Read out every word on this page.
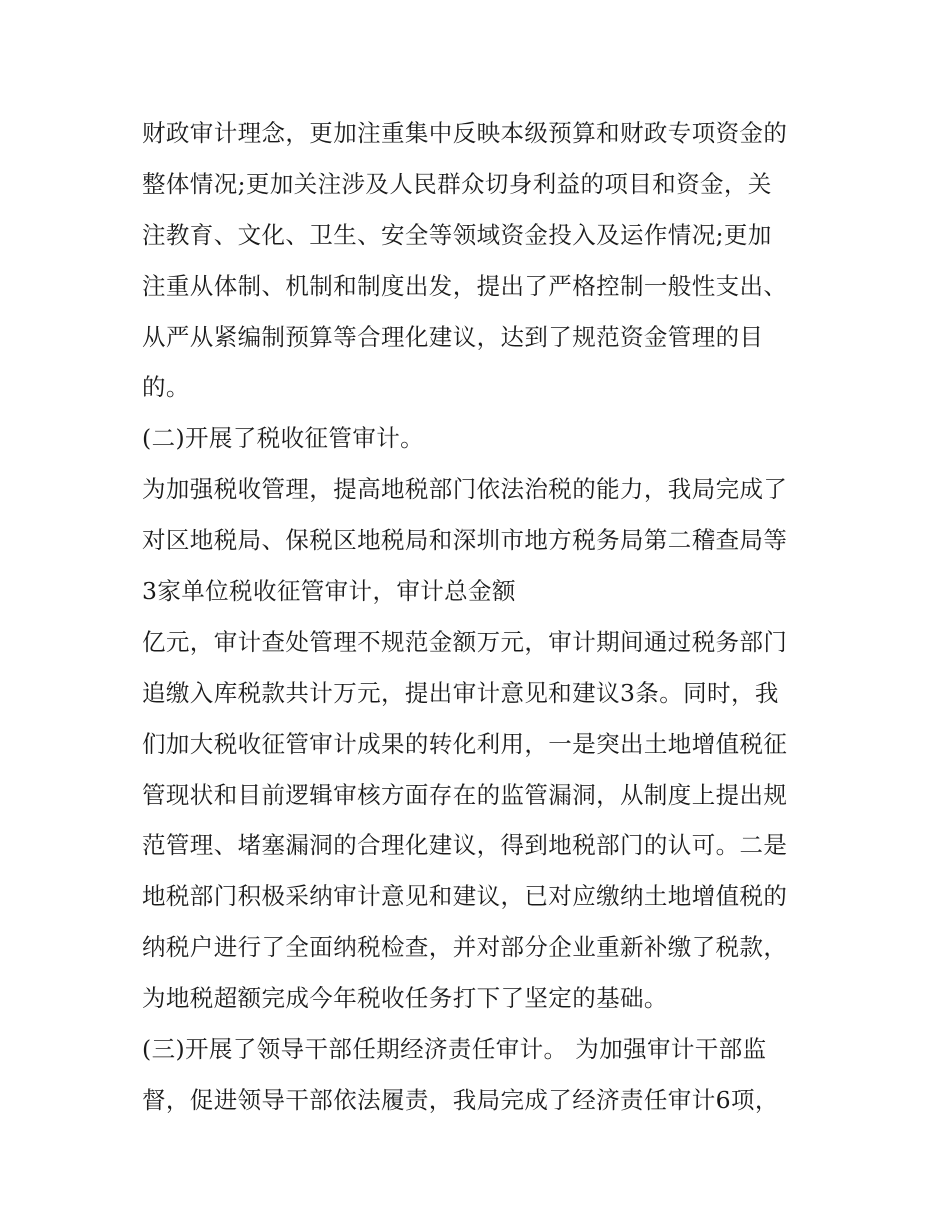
财政审计理念，更加注重集中反映本级预算和财政专项资金的
整体情况;更加关注涉及人民群众切身利益的项目和资金，关
注教育、文化、卫生、安全等领域资金投入及运作情况;更加
注重从体制、机制和制度出发，提出了严格控制一般性支出、
从严从紧编制预算等合理化建议，达到了规范资金管理的目
的。
(二)开展了税收征管审计。
为加强税收管理，提高地税部门依法治税的能力，我局完成了
对区地税局、保税区地税局和深圳市地方税务局第二稽查局等
3家单位税收征管审计，审计总金额
亿元，审计查处管理不规范金额万元，审计期间通过税务部门
追缴入库税款共计万元，提出审计意见和建议3条。同时，我
们加大税收征管审计成果的转化利用，一是突出土地增值税征
管现状和目前逻辑审核方面存在的监管漏洞，从制度上提出规
范管理、堵塞漏洞的合理化建议，得到地税部门的认可。二是
地税部门积极采纳审计意见和建议，已对应缴纳土地增值税的
纳税户进行了全面纳税检查，并对部分企业重新补缴了税款，
为地税超额完成今年税收任务打下了坚定的基础。
(三)开展了领导干部任期经济责任审计。 为加强审计干部监
督，促进领导干部依法履责，我局完成了经济责任审计6项，
